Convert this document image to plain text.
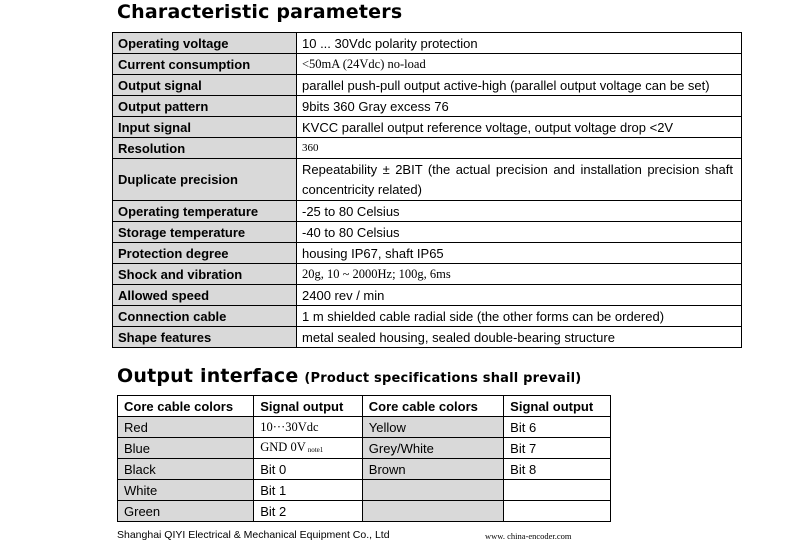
Characteristic parameters
Operating voltage	10 ... 30Vdc polarity protection
Current consumption	<50mA (24Vdc) no-load
Output signal	parallel push-pull output active-high (parallel output voltage can be set)
Output pattern	9bits 360 Gray excess 76
Input signal	KVCC parallel output reference voltage, output voltage drop <2V
Resolution	360
Duplicate precision	Repeatability ± 2BIT (the actual precision and installation precision shaft concentricity related)
Operating temperature	-25 to 80 Celsius
Storage temperature	-40 to 80 Celsius
Protection degree	housing IP67, shaft IP65
Shock and vibration	20g, 10 ~ 2000Hz; 100g, 6ms
Allowed speed	2400 rev / min
Connection cable	1 m shielded cable radial side (the other forms can be ordered)
Shape features	metal sealed housing, sealed double-bearing structure
Output interface (Product specifications shall prevail)
Core cable colors	Signal output	Core cable colors	Signal output
Red	10···30Vdc	Yellow	Bit 6
Blue	GND 0V $_{note1}$	Grey/White	Bit 7
Black	Bit 0	Brown	Bit 8
White	Bit 1		
Green	Bit 2		
Shanghai QIYI Electrical & Mechanical Equipment Co., Ltd	www. china-encoder.com
